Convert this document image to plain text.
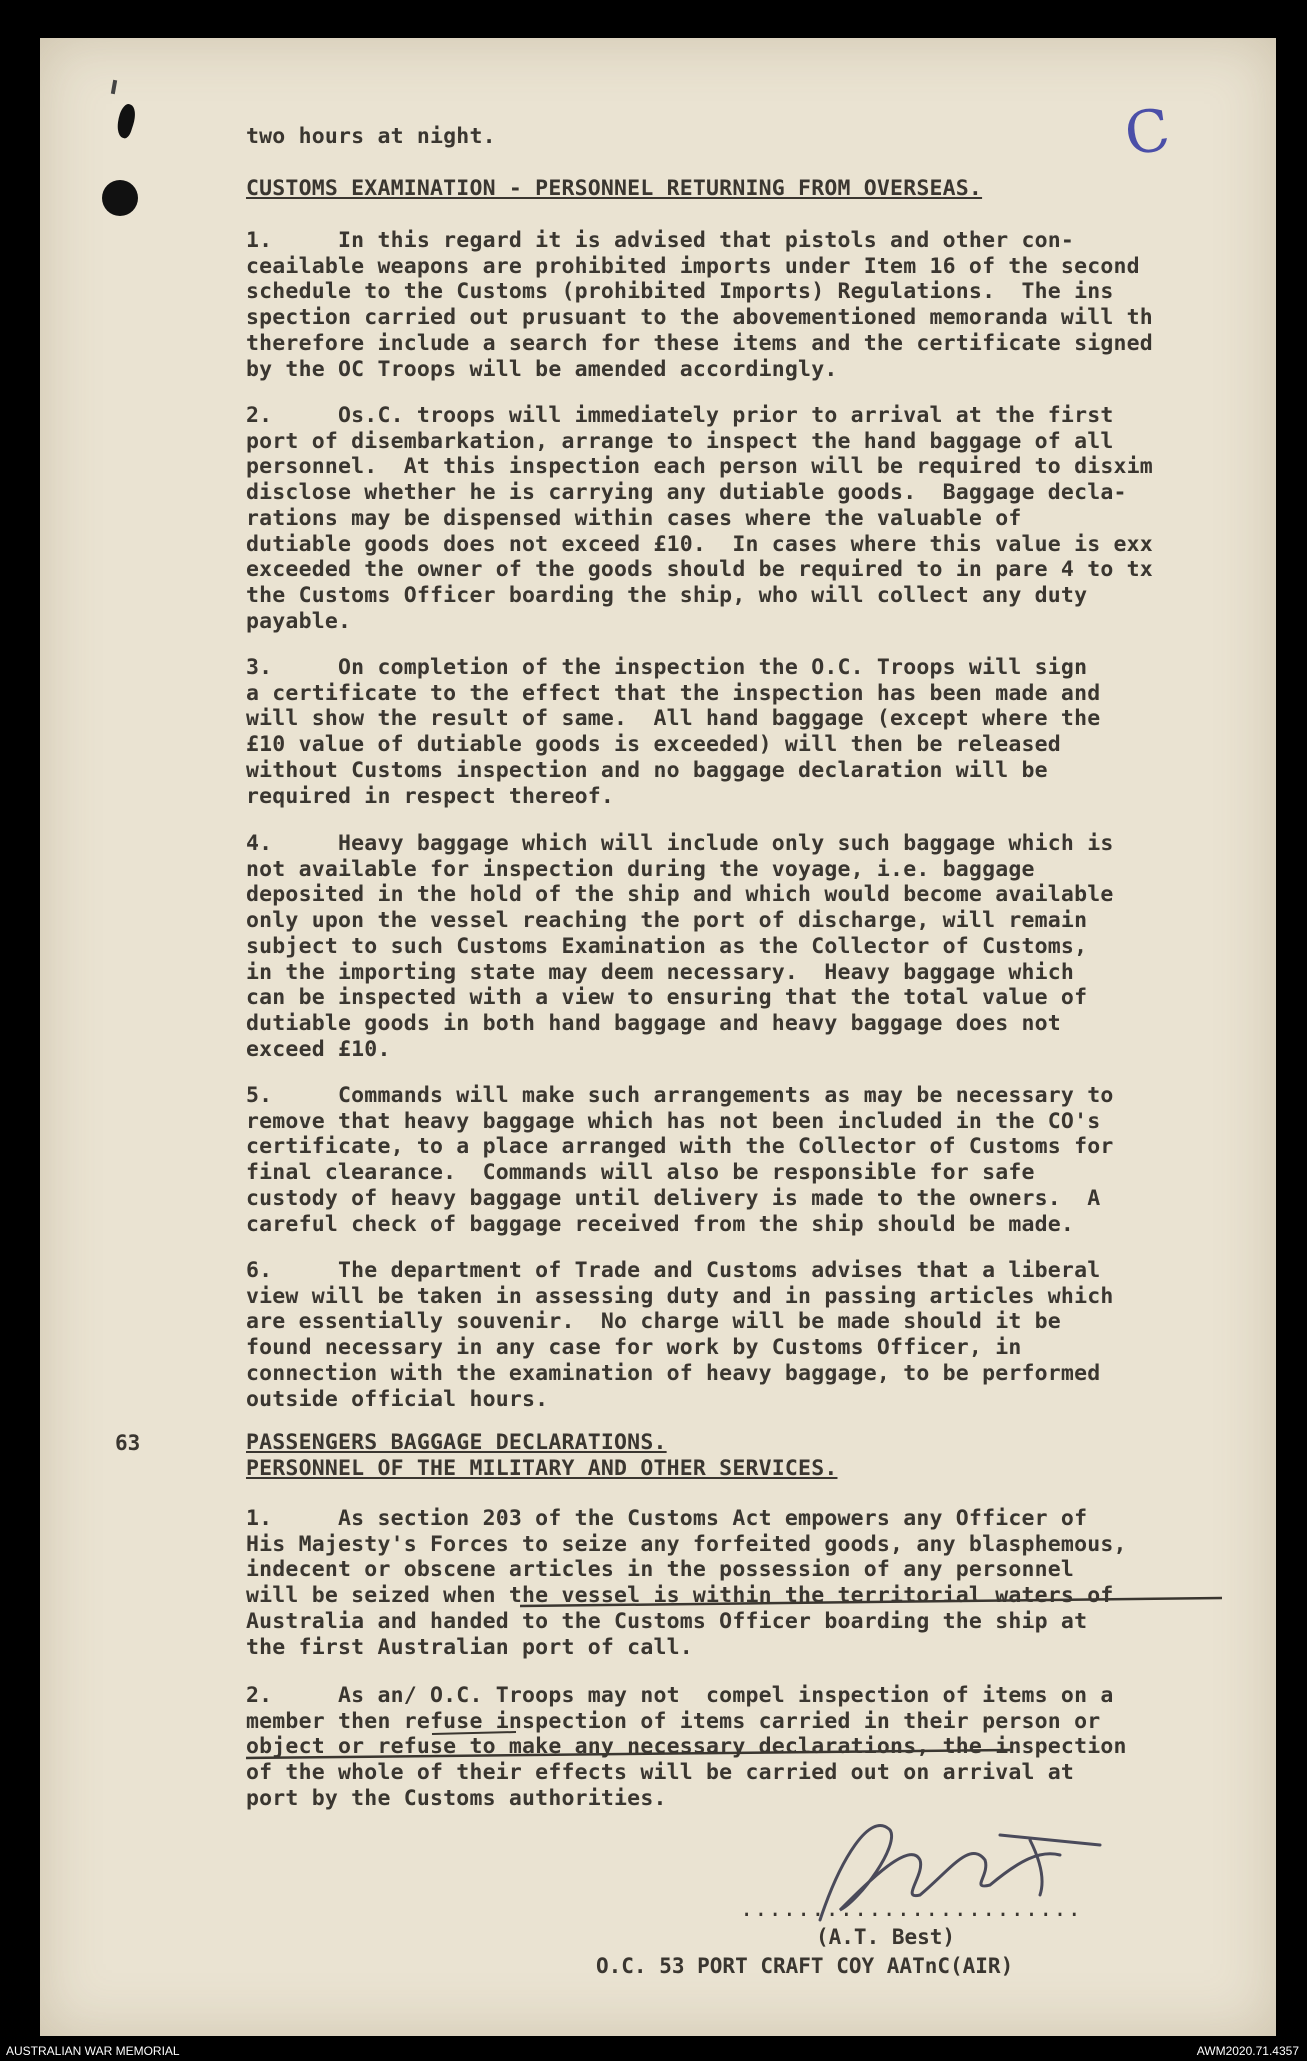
C
two hours at night.
CUSTOMS EXAMINATION - PERSONNEL RETURNING FROM OVERSEAS.
1.     In this regard it is advised that pistols and other con-
ceailable weapons are prohibited imports under Item 16 of the second
schedule to the Customs (prohibited Imports) Regulations.  The ins
spection carried out prusuant to the abovementioned memoranda will th
therefore include a search for these items and the certificate signed
by the OC Troops will be amended accordingly.
2.     Os.C. troops will immediately prior to arrival at the first
port of disembarkation, arrange to inspect the hand baggage of all
personnel.  At this inspection each person will be required to disxim
disclose whether he is carrying any dutiable goods.  Baggage decla-
rations may be dispensed within cases where the valuable of
dutiable goods does not exceed £10.  In cases where this value is exx
exceeded the owner of the goods should be required to in pare 4 to tx
the Customs Officer boarding the ship, who will collect any duty
payable.
3.     On completion of the inspection the O.C. Troops will sign
a certificate to the effect that the inspection has been made and
will show the result of same.  All hand baggage (except where the
£10 value of dutiable goods is exceeded) will then be released
without Customs inspection and no baggage declaration will be
required in respect thereof.
4.     Heavy baggage which will include only such baggage which is
not available for inspection during the voyage, i.e. baggage
deposited in the hold of the ship and which would become available
only upon the vessel reaching the port of discharge, will remain
subject to such Customs Examination as the Collector of Customs,
in the importing state may deem necessary.  Heavy baggage which
can be inspected with a view to ensuring that the total value of
dutiable goods in both hand baggage and heavy baggage does not
exceed £10.
5.     Commands will make such arrangements as may be necessary to
remove that heavy baggage which has not been included in the CO's
certificate, to a place arranged with the Collector of Customs for
final clearance.  Commands will also be responsible for safe
custody of heavy baggage until delivery is made to the owners.  A
careful check of baggage received from the ship should be made.
6.     The department of Trade and Customs advises that a liberal
view will be taken in assessing duty and in passing articles which
are essentially souvenir.  No charge will be made should it be
found necessary in any case for work by Customs Officer, in
connection with the examination of heavy baggage, to be performed
outside official hours.
63	PASSENGERS BAGGAGE DECLARATIONS.
PERSONNEL OF THE MILITARY AND OTHER SERVICES.
1.     As section 203 of the Customs Act empowers any Officer of
His Majesty's Forces to seize any forfeited goods, any blasphemous,
indecent or obscene articles in the possession of any personnel
will be seized when the vessel is within the territorial waters of
Australia and handed to the Customs Officer boarding the ship at
the first Australian port of call.
2.     As an/ O.C. Troops may not  compel inspection of items on a
member then refuse inspection of items carried in their person or
object or refuse to make any necessary declarations, the inspection
of the whole of their effects will be carried out on arrival at
port by the Customs authorities.
........................
(A.T. Best)
O.C. 53 PORT CRAFT COY AATnC(AIR)
AUSTRALIAN WAR MEMORIAL	AWM2020.71.4357
